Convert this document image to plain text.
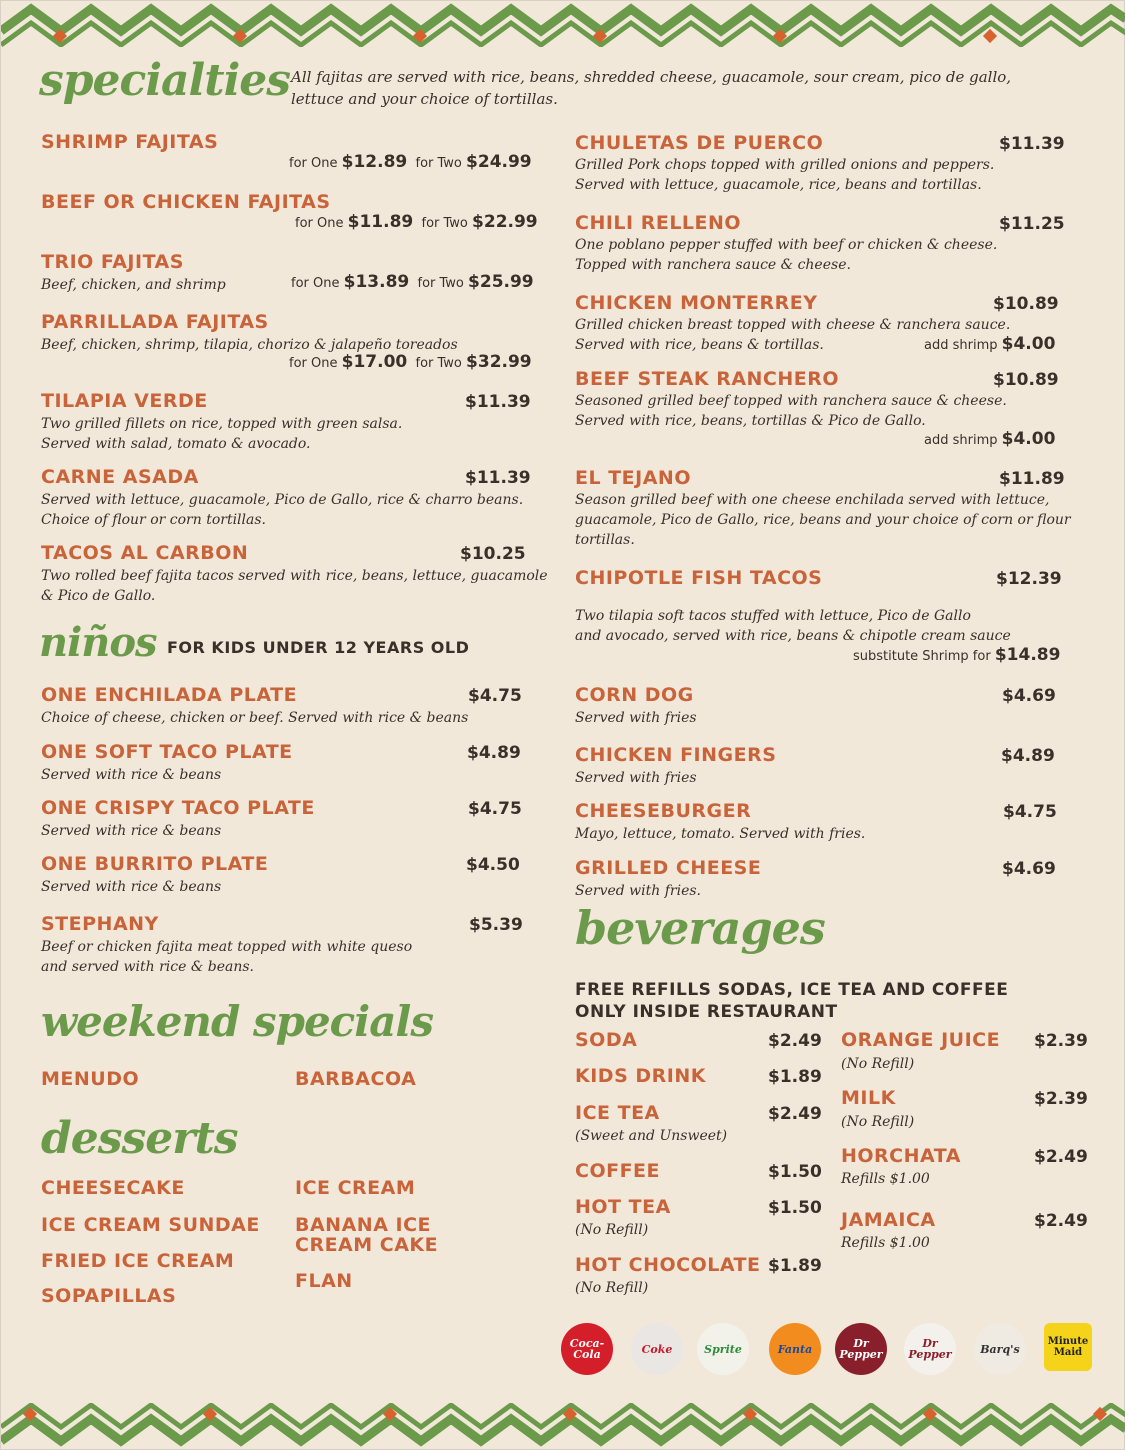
specialties All fajitas are served with rice, beans, shredded cheese, guacamole, sour cream, pico de gallo,
lettuce and your choice of tortillas.
SHRIMP FAJITAS
for One $12.89 for Two $24.99
BEEF OR CHICKEN FAJITAS
for One $11.89 for Two $22.99
TRIO FAJITAS
Beef, chicken, and shrimp	for One $13.89 for Two $25.99
PARRILLADA FAJITAS
Beef, chicken, shrimp, tilapia, chorizo & jalapeño toreados
for One $17.00 for Two $32.99
TILAPIA VERDE	$11.39
Two grilled fillets on rice, topped with green salsa.
Served with salad, tomato & avocado.
CARNE ASADA	$11.39
Served with lettuce, guacamole, Pico de Gallo, rice & charro beans.
Choice of flour or corn tortillas.
TACOS AL CARBON	$10.25
Two rolled beef fajita tacos served with rice, beans, lettuce, guacamole
& Pico de Gallo.
CHULETAS DE PUERCO	$11.39
Grilled Pork chops topped with grilled onions and peppers.
Served with lettuce, guacamole, rice, beans and tortillas.
CHILI RELLENO	$11.25
One poblano pepper stuffed with beef or chicken & cheese.
Topped with ranchera sauce & cheese.
CHICKEN MONTERREY	$10.89
Grilled chicken breast topped with cheese & ranchera sauce.
Served with rice, beans & tortillas.	add shrimp $4.00
BEEF STEAK RANCHERO	$10.89
Seasoned grilled beef topped with ranchera sauce & cheese.
Served with rice, beans, tortillas & Pico de Gallo.
add shrimp $4.00
EL TEJANO	$11.89
Season grilled beef with one cheese enchilada served with lettuce,
guacamole, Pico de Gallo, rice, beans and your choice of corn or flour
tortillas.
CHIPOTLE FISH TACOS	$12.39
Two tilapia soft tacos stuffed with lettuce, Pico de Gallo
and avocado, served with rice, beans & chipotle cream sauce
substitute Shrimp for $14.89
niños FOR KIDS UNDER 12 YEARS OLD
ONE ENCHILADA PLATE	$4.75
Choice of cheese, chicken or beef. Served with rice & beans
ONE SOFT TACO PLATE	$4.89
Served with rice & beans
ONE CRISPY TACO PLATE	$4.75
Served with rice & beans
ONE BURRITO PLATE	$4.50
Served with rice & beans
STEPHANY	$5.39
Beef or chicken fajita meat topped with white queso
and served with rice & beans.
CORN DOG	$4.69
Served with fries
CHICKEN FINGERS	$4.89
Served with fries
CHEESEBURGER	$4.75
Mayo, lettuce, tomato. Served with fries.
GRILLED CHEESE	$4.69
Served with fries.
weekend specials
MENUDO	BARBACOA
desserts
CHEESECAKE	ICE CREAM
ICE CREAM SUNDAE BANANA ICE
CREAM CAKE
FRIED ICE CREAM
FLAN
SOPAPILLAS
beverages
FREE REFILLS SODAS, ICE TEA AND COFFEE
ONLY INSIDE RESTAURANT
SODA	$2.49
KIDS DRINK	$1.89
ICE TEA	$2.49
(Sweet and Unsweet)
COFFEE	$1.50
HOT TEA	$1.50
(No Refill)
HOT CHOCOLATE $1.89
(No Refill)
ORANGE JUICE $2.39
(No Refill)
MILK	$2.39
(No Refill)
HORCHATA	$2.49
Refills $1.00
JAMAICA	$2.49
Refills $1.00
Coca-Cola	Coke	Sprite	Fanta	Dr Pepper
Dr Pepper	Barq's
Minute Maid
